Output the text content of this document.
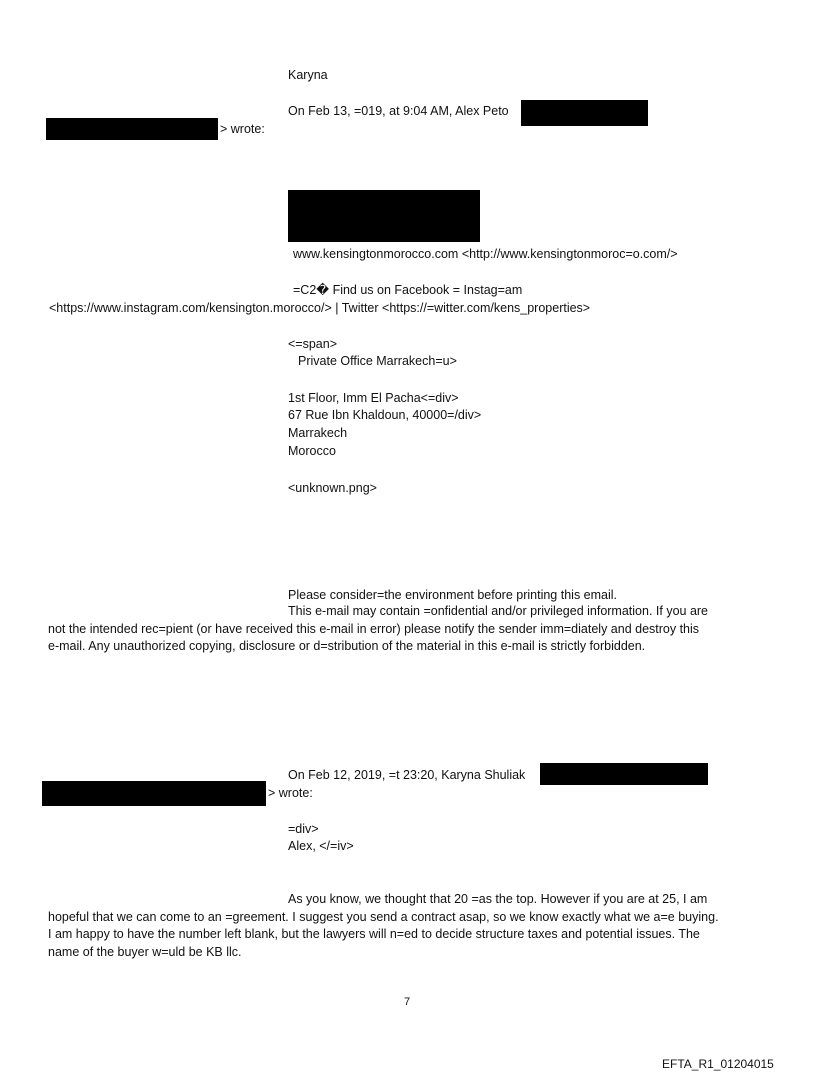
Karyna
On Feb 13, =019, at 9:04 AM, Alex Peto
> wrote:
www.kensingtonmorocco.com <http://www.kensingtonmoroc=o.com/>
=C2� Find us on Facebook = Instag=am
<https://www.instagram.com/kensington.morocco/> | Twitter <https://=witter.com/kens_properties>
<=span>
Private Office Marrakech=u>
1st Floor, Imm El Pacha<=div>
67 Rue Ibn Khaldoun, 40000=/div>
Marrakech
Morocco
<unknown.png>
Please consider=the environment before printing this email.
This e-mail may contain =onfidential and/or privileged information. If you are
not the intended rec=pient (or have received this e-mail in error) please notify the sender imm=diately and destroy this
e-mail. Any unauthorized copying, disclosure or d=stribution of the material in this e-mail is strictly forbidden.
On Feb 12, 2019, =t 23:20, Karyna Shuliak
> wrote:
=div>
Alex, </=iv>
As you know, we thought that 20 =as the top. However if you are at 25, I am
hopeful that we can come to an =greement. I suggest you send a contract asap, so we know exactly what we a=e buying.
I am happy to have the number left blank, but the lawyers will n=ed to decide structure taxes and potential issues. The
name of the buyer w=uld be KB llc.
7
EFTA_R1_01204015
